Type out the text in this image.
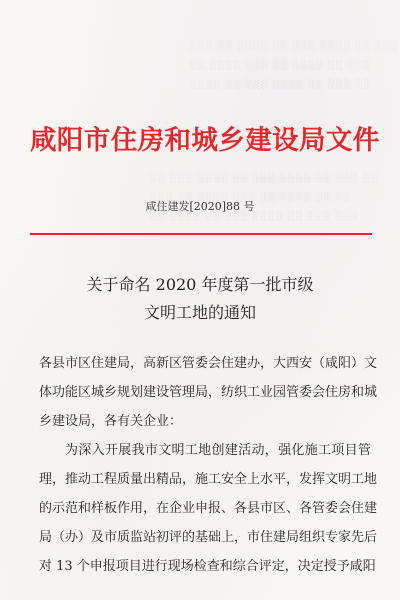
░░░ ░░ ░░░░ ░░ ░░░ ░░░░ ░░ ░░░
░░ ░░░░ ░░░ ░░ ░░░░ ░░ ░░░
░░░░ ░░ ░░░ ░░░░ ░░ ░░░ ░░

░░ ░░░ ░░░░ ░░ ░░░ ░░░░ ░░ ░░░ ░░
░░░ ░░ ░░░░ ░░░ ░░ ░░░░ ░░ ░░
░░ ░░░░ ░░ ░░░ ░░░░ ░░ ░░░ ░░░

咸阳市住房和城乡建设局文件
咸住建发[2020]88 号
关于命名 2020 年度第一批市级
文明工地的通知
各县市区住建局，高新区管委会住建办，大西安（咸阳）文
体功能区城乡规划建设管理局，纺织工业园管委会住房和城
乡建设局，各有关企业：
为深入开展我市文明工地创建活动，强化施工项目管
理，推动工程质量出精品，施工安全上水平，发挥文明工地
的示范和样板作用，在企业申报、各县市区、各管委会住建
局（办）及市质监站初评的基础上，市住建局组织专家先后
对 13 个申报项目进行现场检查和综合评定，决定授予咸阳
